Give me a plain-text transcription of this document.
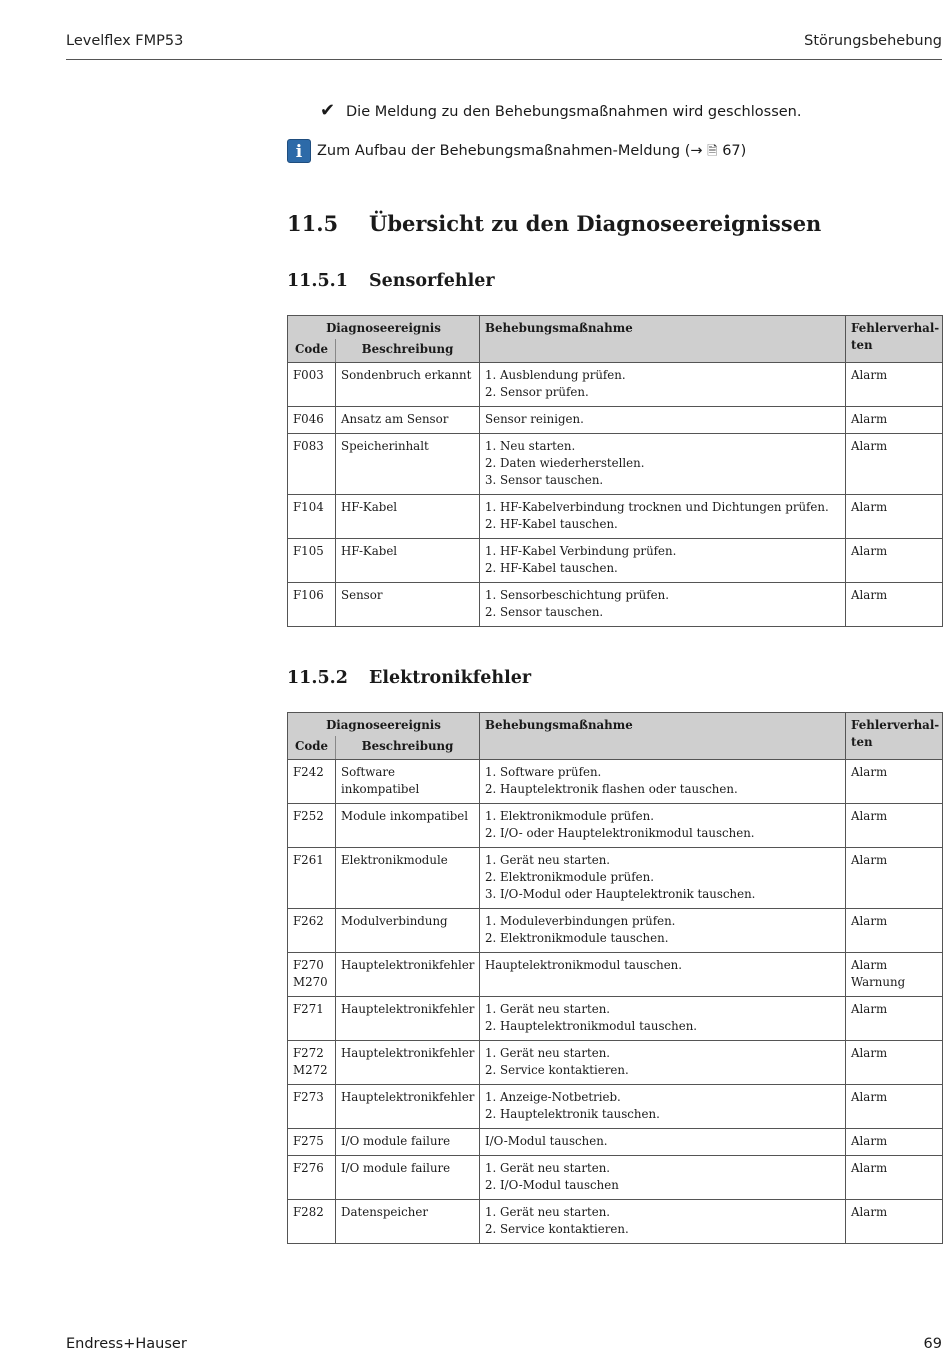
Levelflex FMP53	Störungsbehebung
✔ Die Meldung zu den Behebungsmaßnahmen wird geschlossen.
i Zum Aufbau der Behebungsmaßnahmen-Meldung (→ 🗎 67)
11.5 Übersicht zu den Diagnoseereignissen
11.5.1 Sensorfehler
Diagnoseereignis		Behebungsmaßnahme	Fehlerverhal-ten
Code	Beschreibung		

F003	Sondenbruch erkannt	1. Ausblendung prüfen.
2. Sensor prüfen.	Alarm

F046	Ansatz am Sensor	Sensor reinigen.	Alarm

F083	Speicherinhalt	1. Neu starten.
2. Daten wiederherstellen.
3. Sensor tauschen.	Alarm

F104	HF-Kabel	1. HF-Kabelverbindung trocknen und Dichtungen prüfen.
2. HF-Kabel tauschen.	Alarm

F105	HF-Kabel	1. HF-Kabel Verbindung prüfen.
2. HF-Kabel tauschen.	Alarm

F106	Sensor	1. Sensorbeschichtung prüfen.
2. Sensor tauschen.	Alarm
11.5.2 Elektronikfehler
Diagnoseereignis		Behebungsmaßnahme	Fehlerverhal-ten
Code	Beschreibung		

F242	Software inkompatibel	1. Software prüfen.
2. Hauptelektronik flashen oder tauschen.	Alarm

F252	Module inkompatibel	1. Elektronikmodule prüfen.
2. I/O- oder Hauptelektronikmodul tauschen.	Alarm

F261	Elektronikmodule	1. Gerät neu starten.
2. Elektronikmodule prüfen.
3. I/O-Modul oder Hauptelektronik tauschen.	Alarm

F262	Modulverbindung	1. Moduleverbindungen prüfen.
2. Elektronikmodule tauschen.	Alarm

F270
M270	Hauptelektronikfehler	Hauptelektronikmodul tauschen.	Alarm
Warnung

F271	Hauptelektronikfehler	1. Gerät neu starten.
2. Hauptelektronikmodul tauschen.	Alarm

F272
M272	Hauptelektronikfehler	1. Gerät neu starten.
2. Service kontaktieren.	Alarm

F273	Hauptelektronikfehler	1. Anzeige-Notbetrieb.
2. Hauptelektronik tauschen.	Alarm

F275	I/O module failure	I/O-Modul tauschen.	Alarm

F276	I/O module failure	1. Gerät neu starten.
2. I/O-Modul tauschen	Alarm

F282	Datenspeicher	1. Gerät neu starten.
2. Service kontaktieren.	Alarm
Endress+Hauser	69
